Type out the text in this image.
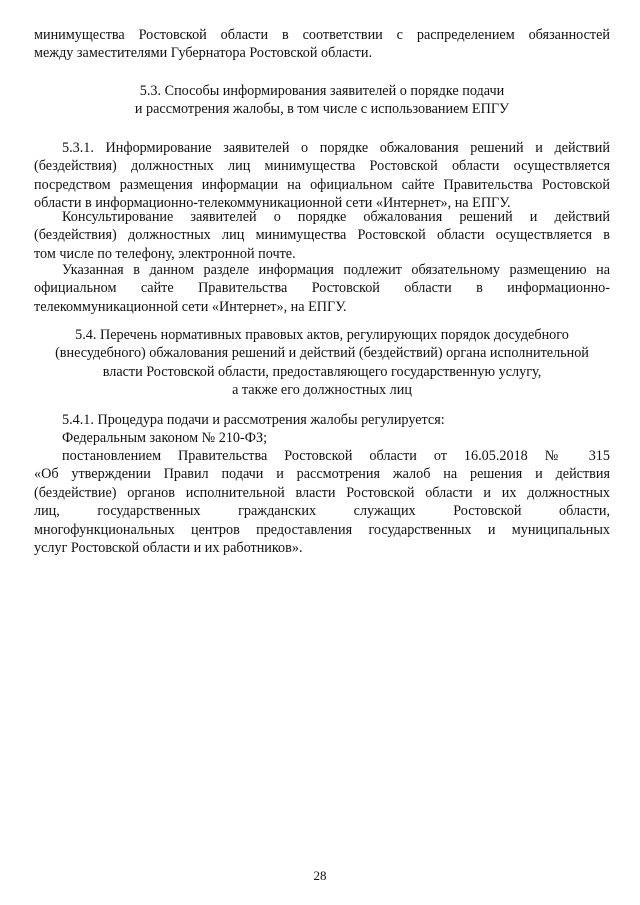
минимущества Ростовской области в соответствии с распределением обязанностей
между заместителями Губернатора Ростовской области.
5.3. Способы информирования заявителей о порядке подачи
и рассмотрения жалобы, в том числе с использованием ЕПГУ
5.3.1. Информирование заявителей о порядке обжалования решений и действий
(бездействия) должностных лиц минимущества Ростовской области осуществляется
посредством размещения информации на официальном сайте Правительства Ростовской
области в информационно-телекоммуникационной сети «Интернет», на ЕПГУ.
Консультирование заявителей о порядке обжалования решений и действий
(бездействия) должностных лиц минимущества Ростовской области осуществляется в
том числе по телефону, электронной почте.
Указанная в данном разделе информация подлежит обязательному размещению на
официальном сайте Правительства Ростовской области в информационно-
телекоммуникационной сети «Интернет», на ЕПГУ.
5.4. Перечень нормативных правовых актов, регулирующих порядок досудебного
(внесудебного) обжалования решений и действий (бездействий) органа исполнительной
власти Ростовской области, предоставляющего государственную услугу,
а также его должностных лиц
5.4.1. Процедура подачи и рассмотрения жалобы регулируется:
Федеральным законом № 210-ФЗ;
постановлением Правительства Ростовской области от 16.05.2018 № 315
«Об утверждении Правил подачи и рассмотрения жалоб на решения и действия
(бездействие) органов исполнительной власти Ростовской области и их должностных
лиц, государственных гражданских служащих Ростовской области,
многофункциональных центров предоставления государственных и муниципальных
услуг Ростовской области и их работников».
28
